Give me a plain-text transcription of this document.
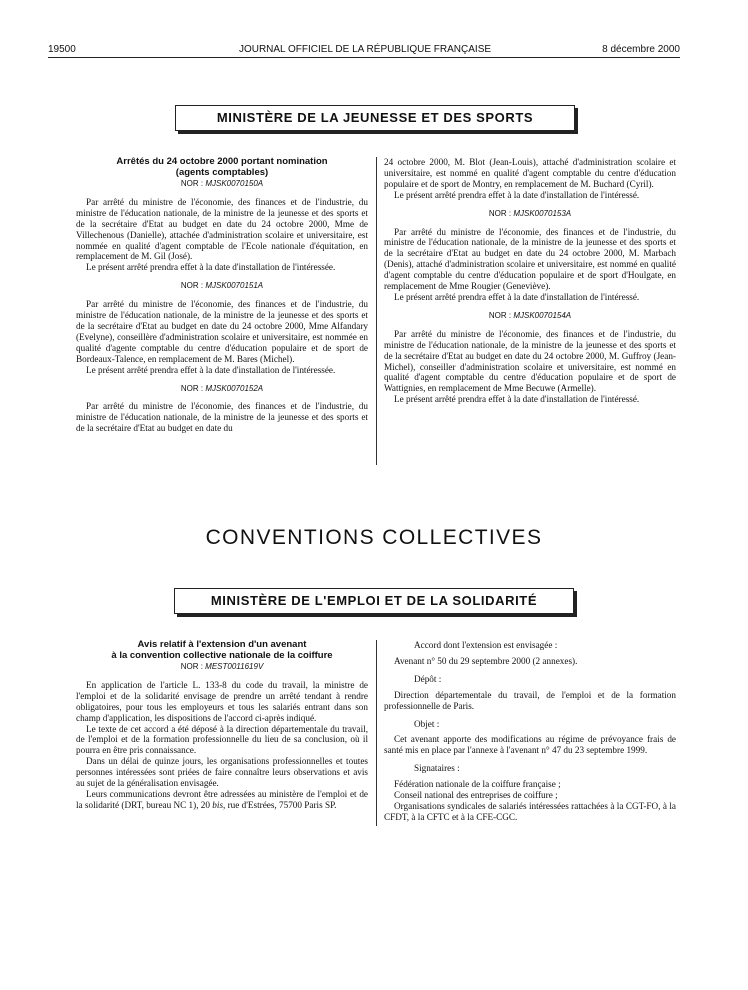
19500	JOURNAL OFFICIEL DE LA RÉPUBLIQUE FRANÇAISE	8 décembre 2000
MINISTÈRE DE LA JEUNESSE ET DES SPORTS

Arrêtés du 24 octobre 2000 portant nomination

(agents comptables)

NOR : MJSK0070150A

Par arrêté du ministre de l'économie, des finances et de l'industrie, du ministre de l'éducation nationale, de la ministre de la jeunesse et des sports et de la secrétaire d'Etat au budget en date du 24 octobre 2000, Mme de Villechenous (Danielle), attachée d'administration scolaire et universitaire, est nommée en qualité d'agent comptable de l'Ecole nationale d'équitation, en remplacement de M. Gil (José).

Le présent arrêté prendra effet à la date d'installation de l'intéressée.

NOR : MJSK0070151A

Par arrêté du ministre de l'économie, des finances et de l'industrie, du ministre de l'éducation nationale, de la ministre de la jeunesse et des sports et de la secrétaire d'Etat au budget en date du 24 octobre 2000, Mme Alfandary (Evelyne), conseillère d'administration scolaire et universitaire, est nommée en qualité d'agente comptable du centre d'éducation populaire et de sport de Bordeaux-Talence, en remplacement de M. Bares (Michel).

Le présent arrêté prendra effet à la date d'installation de l'intéressée.

NOR : MJSK0070152A

Par arrêté du ministre de l'économie, des finances et de l'industrie, du ministre de l'éducation nationale, de la ministre de la jeunesse et des sports et de la secrétaire d'Etat au budget en date du

24 octobre 2000, M. Blot (Jean-Louis), attaché d'administration scolaire et universitaire, est nommé en qualité d'agent comptable du centre d'éducation populaire et de sport de Montry, en remplacement de M. Buchard (Cyril).

Le présent arrêté prendra effet à la date d'installation de l'intéressé.

NOR : MJSK0070153A

Par arrêté du ministre de l'économie, des finances et de l'industrie, du ministre de l'éducation nationale, de la ministre de la jeunesse et des sports et de la secrétaire d'Etat au budget en date du 24 octobre 2000, M. Marbach (Denis), attaché d'administration scolaire et universitaire, est nommé en qualité d'agent comptable du centre d'éducation populaire et de sport d'Houlgate, en remplacement de Mme Rougier (Geneviève).

Le présent arrêté prendra effet à la date d'installation de l'intéressé.

NOR : MJSK0070154A

Par arrêté du ministre de l'économie, des finances et de l'industrie, du ministre de l'éducation nationale, de la ministre de la jeunesse et des sports et de la secrétaire d'Etat au budget en date du 24 octobre 2000, M. Guffroy (Jean-Michel), conseiller d'administration scolaire et universitaire, est nommé en qualité d'agent comptable du centre d'éducation populaire et de sport de Wattignies, en remplacement de Mme Becuwe (Armelle).

Le présent arrêté prendra effet à la date d'installation de l'intéressé.

CONVENTIONS COLLECTIVES
MINISTÈRE DE L'EMPLOI ET DE LA SOLIDARITÉ

Avis relatif à l'extension d'un avenant

à la convention collective nationale de la coiffure

NOR : MEST0011619V

En application de l'article L. 133-8 du code du travail, la ministre de l'emploi et de la solidarité envisage de prendre un arrêté tendant à rendre obligatoires, pour tous les employeurs et tous les salariés entrant dans son champ d'application, les dispositions de l'accord ci-après indiqué.

Le texte de cet accord a été déposé à la direction départementale du travail, de l'emploi et de la formation professionnelle du lieu de sa conclusion, où il pourra en être pris connaissance.

Dans un délai de quinze jours, les organisations professionnelles et toutes personnes intéressées sont priées de faire connaître leurs observations et avis au sujet de la généralisation envisagée.

Leurs communications devront être adressées au ministère de l'emploi et de la solidarité (DRT, bureau NC 1), 20 bis, rue d'Estrées, 75700 Paris SP.

Accord dont l'extension est envisagée :

Avenant n° 50 du 29 septembre 2000 (2 annexes).

Dépôt :

Direction départementale du travail, de l'emploi et de la formation professionnelle de Paris.

Objet :

Cet avenant apporte des modifications au régime de prévoyance frais de santé mis en place par l'annexe à l'avenant n° 47 du 23 septembre 1999.

Signataires :

Fédération nationale de la coiffure française ;

Conseil national des entreprises de coiffure ;

Organisations syndicales de salariés intéressées rattachées à la CGT-FO, à la CFDT, à la CFTC et à la CFE-CGC.
